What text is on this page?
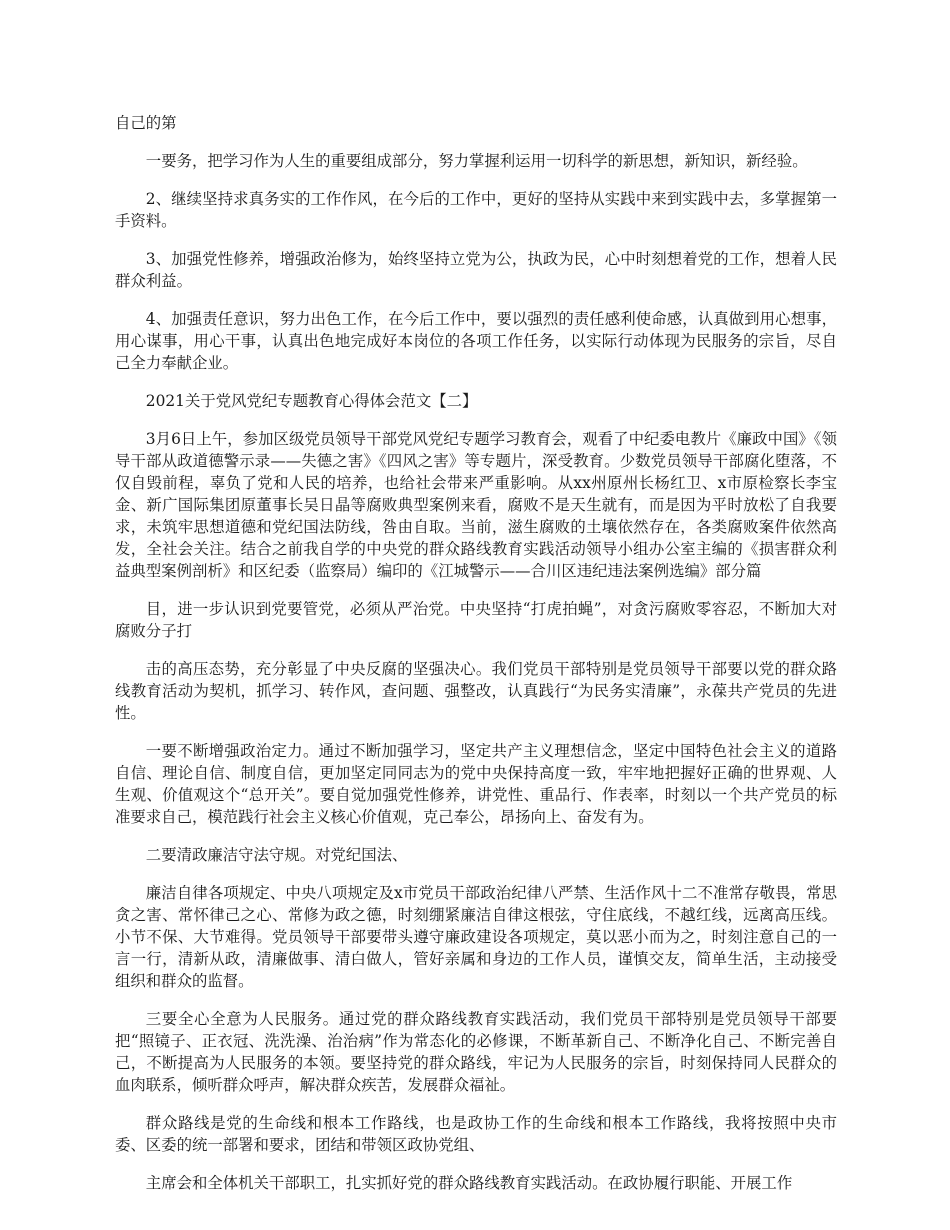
自己的第

一要务，把学习作为人生的重要组成部分，努力掌握利运用一切科学的新思想，新知识，新经验。

2、继续坚持求真务实的工作作风，在今后的工作中，更好的坚持从实践中来到实践中去，多掌握第一手资料。

3、加强党性修养，增强政治修为，始终坚持立党为公，执政为民，心中时刻想着党的工作，想着人民群众利益。

4、加强责任意识，努力出色工作，在今后工作中，要以强烈的责任感利使命感，认真做到用心想事，用心谋事，用心干事，认真出色地完成好本岗位的各项工作任务，以实际行动体现为民服务的宗旨，尽自己全力奉献企业。

2021关于党风党纪专题教育心得体会范文【二】

3月6日上午，参加区级党员领导干部党风党纪专题学习教育会，观看了中纪委电教片《廉政中国》《领导干部从政道德警示录——失德之害》《四风之害》等专题片，深受教育。少数党员领导干部腐化堕落，不仅自毁前程，辜负了党和人民的培养，也给社会带来严重影响。从xx州原州长杨红卫、x市原检察长李宝金、新广国际集团原董事长吴日晶等腐败典型案例来看，腐败不是天生就有，而是因为平时放松了自我要求，未筑牢思想道德和党纪国法防线，咎由自取。当前，滋生腐败的土壤依然存在，各类腐败案件依然高发，全社会关注。结合之前我自学的中央党的群众路线教育实践活动领导小组办公室主编的《损害群众利益典型案例剖析》和区纪委（监察局）编印的《江城警示——合川区违纪违法案例选编》部分篇

目，进一步认识到党要管党，必须从严治党。中央坚持“打虎拍蝇”，对贪污腐败零容忍，不断加大对腐败分子打

击的高压态势，充分彰显了中央反腐的坚强决心。我们党员干部特别是党员领导干部要以党的群众路线教育活动为契机，抓学习、转作风，查问题、强整改，认真践行“为民务实清廉”，永葆共产党员的先进性。

一要不断增强政治定力。通过不断加强学习，坚定共产主义理想信念，坚定中国特色社会主义的道路自信、理论自信、制度自信，更加坚定同同志为的党中央保持高度一致，牢牢地把握好正确的世界观、人生观、价值观这个“总开关”。要自觉加强党性修养，讲党性、重品行、作表率，时刻以一个共产党员的标准要求自己，模范践行社会主义核心价值观，克己奉公，昂扬向上、奋发有为。

二要清政廉洁守法守规。对党纪国法、

廉洁自律各项规定、中央八项规定及x市党员干部政治纪律八严禁、生活作风十二不准常存敬畏，常思贪之害、常怀律己之心、常修为政之德，时刻绷紧廉洁自律这根弦，守住底线，不越红线，远离高压线。小节不保、大节难得。党员领导干部要带头遵守廉政建设各项规定，莫以恶小而为之，时刻注意自己的一言一行，清新从政，清廉做事、清白做人，管好亲属和身边的工作人员，谨慎交友，简单生活，主动接受组织和群众的监督。

三要全心全意为人民服务。通过党的群众路线教育实践活动，我们党员干部特别是党员领导干部要把“照镜子、正衣冠、洗洗澡、治治病”作为常态化的必修课，不断革新自己、不断净化自己、不断完善自己，不断提高为人民服务的本领。要坚持党的群众路线，牢记为人民服务的宗旨，时刻保持同人民群众的血肉联系，倾听群众呼声，解决群众疾苦，发展群众福祉。

群众路线是党的生命线和根本工作路线，也是政协工作的生命线和根本工作路线，我将按照中央市委、区委的统一部署和要求，团结和带领区政协党组、

主席会和全体机关干部职工，扎实抓好党的群众路线教育实践活动。在政协履行职能、开展工作
